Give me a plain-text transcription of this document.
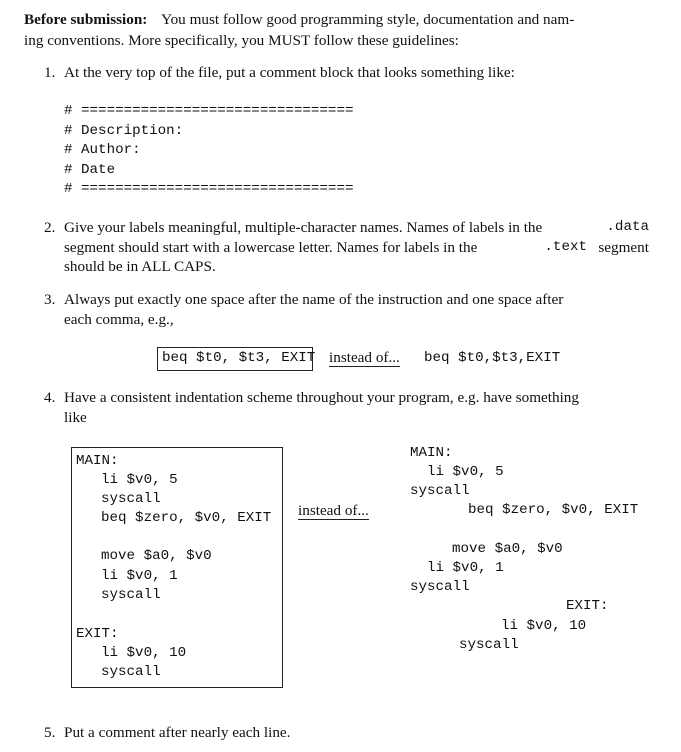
Before submission: You must follow good programming style, documentation and nam-
ing conventions. More specifically, you MUST follow these guidelines:
1. At the very top of the file, put a comment block that looks something like:
# ================================
# Description:
# Author:
# Date
# ================================
2. Give your labels meaningful, multiple-character names. Names of labels in the	.data
segment should start with a lowercase letter. Names for labels in the	.text segment
should be in ALL CAPS.
3. Always put exactly one space after the name of the instruction and one space after
each comma, e.g.,
beq $t0, $t3, EXIT instead of... beq $t0,$t3,EXIT
4. Have a consistent indentation scheme throughout your program, e.g. have something
like
MAIN:
li $v0, 5
syscall
beq $zero, $v0, EXIT
move $a0, $v0
li $v0, 1
syscall
EXIT:
li $v0, 10
syscall
instead of...
MAIN:
li $v0, 5
syscall
beq $zero, $v0, EXIT
move $a0, $v0
li $v0, 1
syscall
EXIT:
li $v0, 10
syscall
5. Put a comment after nearly each line.
